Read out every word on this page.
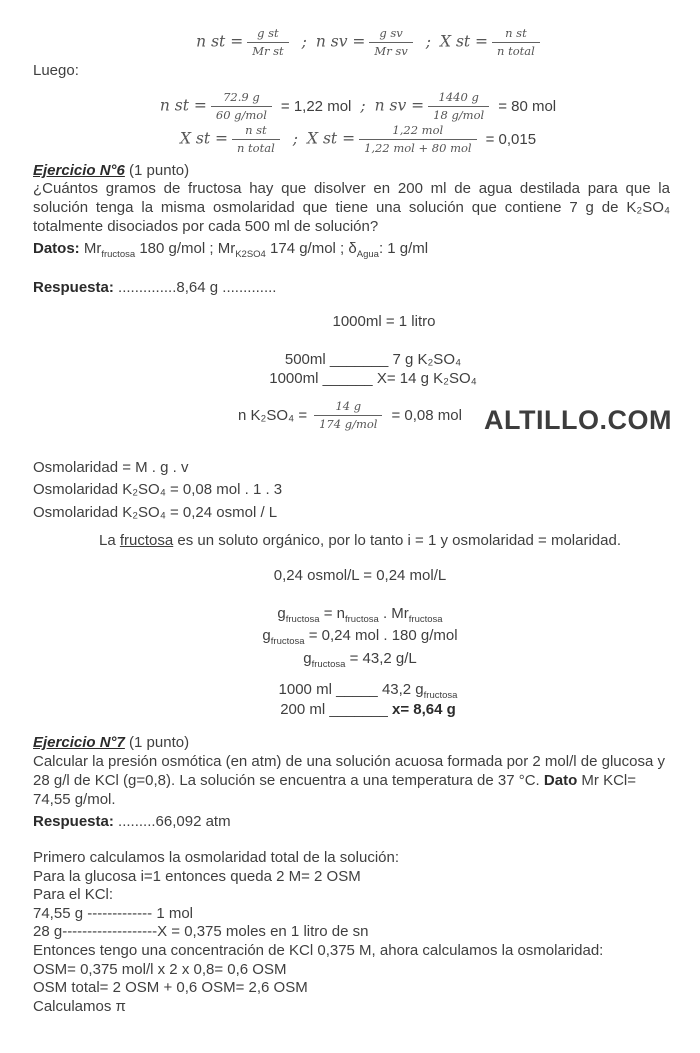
n st = $\frac{\text{g st}}{\text{Mr st}}$ ; n sv = $\frac{\text{g sv}}{\text{Mr sv}}$ ; X st = $\frac{\text{n st}}{\text{n total}}$
Luego:
n st = $\frac{72.9 g}{\text{60 g/mol}} = 1,22$ mol ; n sv = $\frac{1440 g}{\text{18 g/mol}} = 80$ mol
X st = $\frac{\text{n st}}{\text{n total}}$ ; X st = $\frac{\text{1,22 mol}}{\text{1,22 mol + 80 mol}} = 0,015$
Ejercicio N°6 (1 punto)
¿Cuántos gramos de fructosa hay que disolver en 200 ml de agua destilada para que la solución tenga la misma osmolaridad que tiene una solución que contiene 7 g de K₂SO₄ totalmente disociados por cada 500 ml de solución?
Datos: $Mr_{fructosa}$ 180 g/mol ; $Mr_{K2SO4}$ 174 g/mol ; $\delta_{Agua}$: 1 g/ml
Respuesta: ..............8,64 g .............
1000ml = 1 litro
500ml _______ 7 g K₂SO₄
1000ml ______ X= 14 g K₂SO₄
n $K_2SO_4 = \frac{14 g}{\text{174 g/mol}} = 0,08$ mol ALTILLO.COM
Osmolaridad = M . g . v
Osmolaridad K₂SO₄ = 0,08 mol . 1 . 3
Osmolaridad K₂SO₄ = 0,24 osmol / L
La fructosa es un soluto orgánico, por lo tanto i = 1 y osmolaridad = molaridad.
0,24 osmol/L = 0,24 mol/L
$g_{fructosa} = n_{fructosa}$ . $Mr_{fructosa}$
$g_{fructosa} = 0,24$ mol . 180 g/mol
$g_{fructosa} = 43,2$ g/L
1000 ml _____ 43,2 $g_{fructosa}$
200 ml _______ x= 8,64 g
Ejercicio N°7 (1 punto)
Calcular la presión osmótica (en atm) de una solución acuosa formada por 2 mol/l de glucosa y 28 g/l de KCl (g=0,8). La solución se encuentra a una temperatura de 37 °C. Dato Mr KCl= 74,55 g/mol.
Respuesta: .........66,092 atm
Primero calculamos la osmolaridad total de la solución:
Para la glucosa i=1 entonces queda 2 M= 2 OSM
Para el KCl:
74,55 g ------------- 1 mol
28 g-------------------X = 0,375 moles en 1 litro de sn
Entonces tengo una concentración de KCl 0,375 M, ahora calculamos la osmolaridad:
OSM= 0,375 mol/l x 2 x 0,8= 0,6 OSM
OSM total= 2 OSM + 0,6 OSM= 2,6 OSM
Calculamos π
